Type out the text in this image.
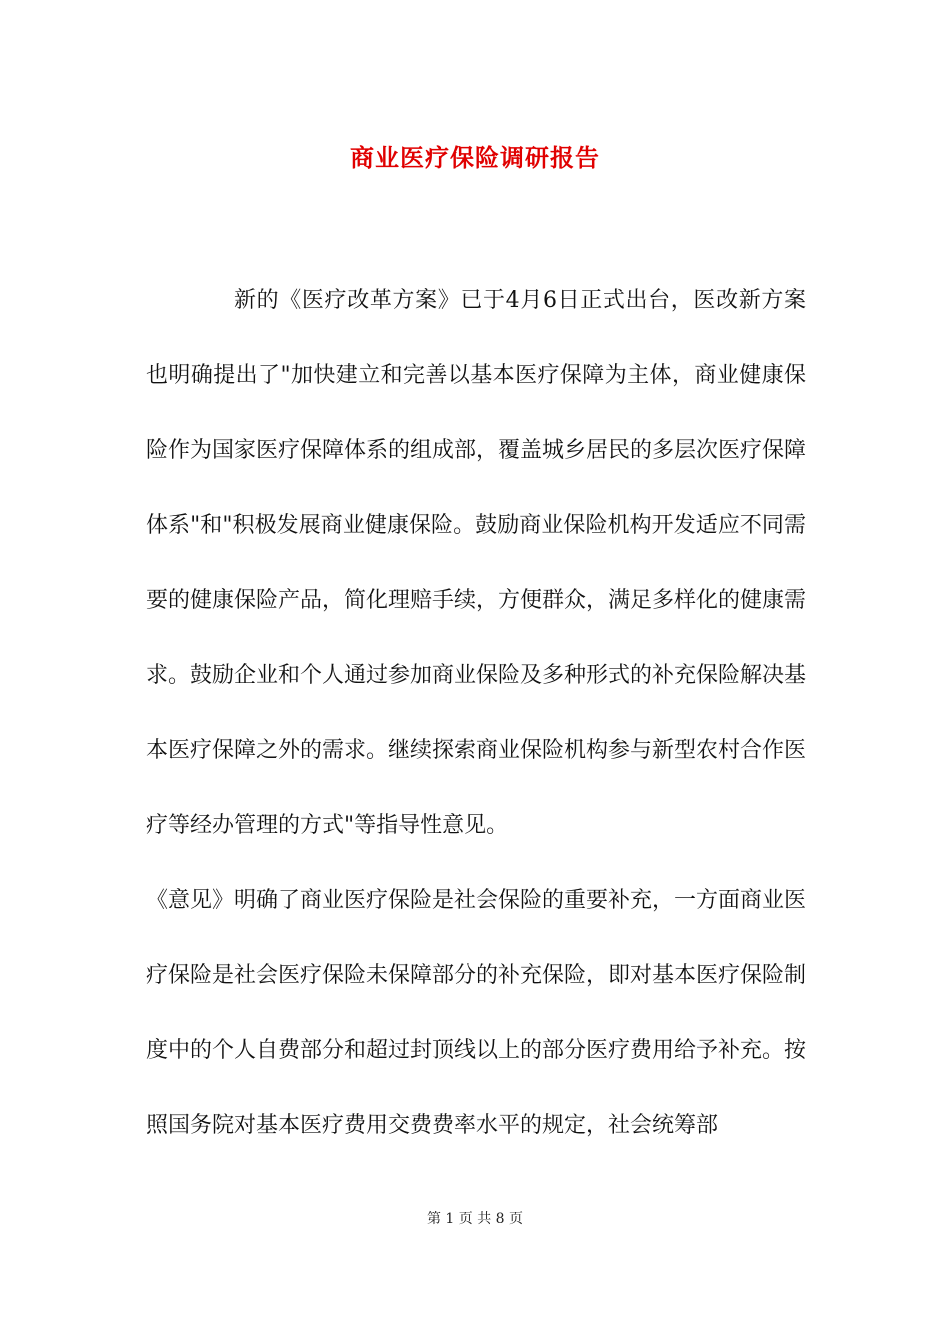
商业医疗保险调研报告

新的《医疗改革方案》已于4月6日正式出台，医改新方案也明确提出了"加快建立和完善以基本医疗保障为主体，商业健康保险作为国家医疗保障体系的组成部，覆盖城乡居民的多层次医疗保障体系"和"积极发展商业健康保险。鼓励商业保险机构开发适应不同需要的健康保险产品，简化理赔手续，方便群众，满足多样化的健康需求。鼓励企业和个人通过参加商业保险及多种形式的补充保险解决基本医疗保障之外的需求。继续探索商业保险机构参与新型农村合作医疗等经办管理的方式"等指导性意见。

《意见》明确了商业医疗保险是社会保险的重要补充，一方面商业医疗保险是社会医疗保险未保障部分的补充保险，即对基本医疗保险制度中的个人自费部分和超过封顶线以上的部分医疗费用给予补充。按照国务院对基本医疗费用交费费率水平的规定，社会统筹部

第 1 页 共 8 页
